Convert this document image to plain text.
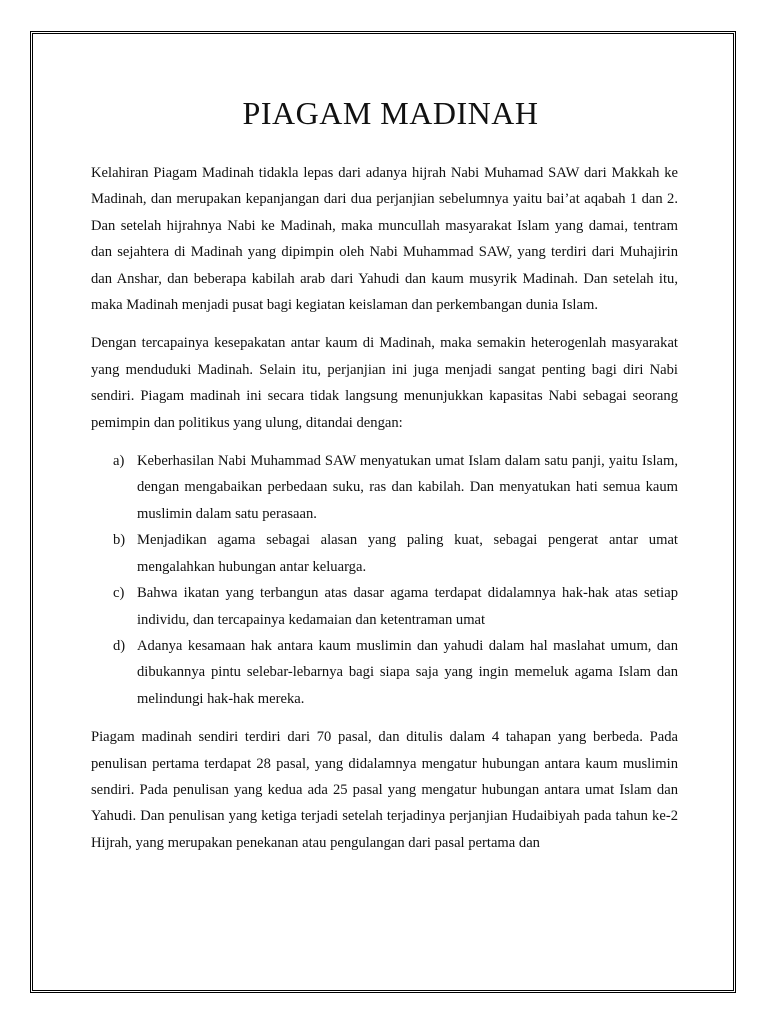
PIAGAM MADINAH

Kelahiran Piagam Madinah tidakla lepas dari adanya hijrah Nabi Muhamad SAW dari Makkah ke Madinah, dan merupakan kepanjangan dari dua perjanjian sebelumnya yaitu bai’at aqabah 1 dan 2. Dan setelah hijrahnya Nabi ke Madinah, maka muncullah masyarakat Islam yang damai, tentram dan sejahtera di Madinah yang dipimpin oleh Nabi Muhammad SAW, yang terdiri dari Muhajirin dan Anshar, dan beberapa kabilah arab dari Yahudi dan kaum musyrik Madinah. Dan setelah itu, maka Madinah menjadi pusat bagi kegiatan keislaman dan perkembangan dunia Islam.

Dengan tercapainya kesepakatan antar kaum di Madinah, maka semakin heterogenlah masyarakat yang menduduki Madinah. Selain itu, perjanjian ini juga menjadi sangat penting bagi diri Nabi sendiri. Piagam madinah ini secara tidak langsung menunjukkan kapasitas Nabi sebagai seorang pemimpin dan politikus yang ulung, ditandai dengan:

a) Keberhasilan Nabi Muhammad SAW menyatukan umat Islam dalam satu panji, yaitu Islam, dengan mengabaikan perbedaan suku, ras dan kabilah. Dan menyatukan hati semua kaum muslimin dalam satu perasaan.
b) Menjadikan agama sebagai alasan yang paling kuat, sebagai pengerat antar umat mengalahkan hubungan antar keluarga.
c) Bahwa ikatan yang terbangun atas dasar agama terdapat didalamnya hak-hak atas setiap individu, dan tercapainya kedamaian dan ketentraman umat
d) Adanya kesamaan hak antara kaum muslimin dan yahudi dalam hal maslahat umum, dan dibukannya pintu selebar-lebarnya bagi siapa saja yang ingin memeluk agama Islam dan melindungi hak-hak mereka.

Piagam madinah sendiri terdiri dari 70 pasal, dan ditulis dalam 4 tahapan yang berbeda. Pada penulisan pertama terdapat 28 pasal, yang didalamnya mengatur hubungan antara kaum muslimin sendiri. Pada penulisan yang kedua ada 25 pasal yang mengatur hubungan antara umat Islam dan Yahudi. Dan penulisan yang ketiga terjadi setelah terjadinya perjanjian Hudaibiyah pada tahun ke-2 Hijrah, yang merupakan penekanan atau pengulangan dari pasal pertama dan
